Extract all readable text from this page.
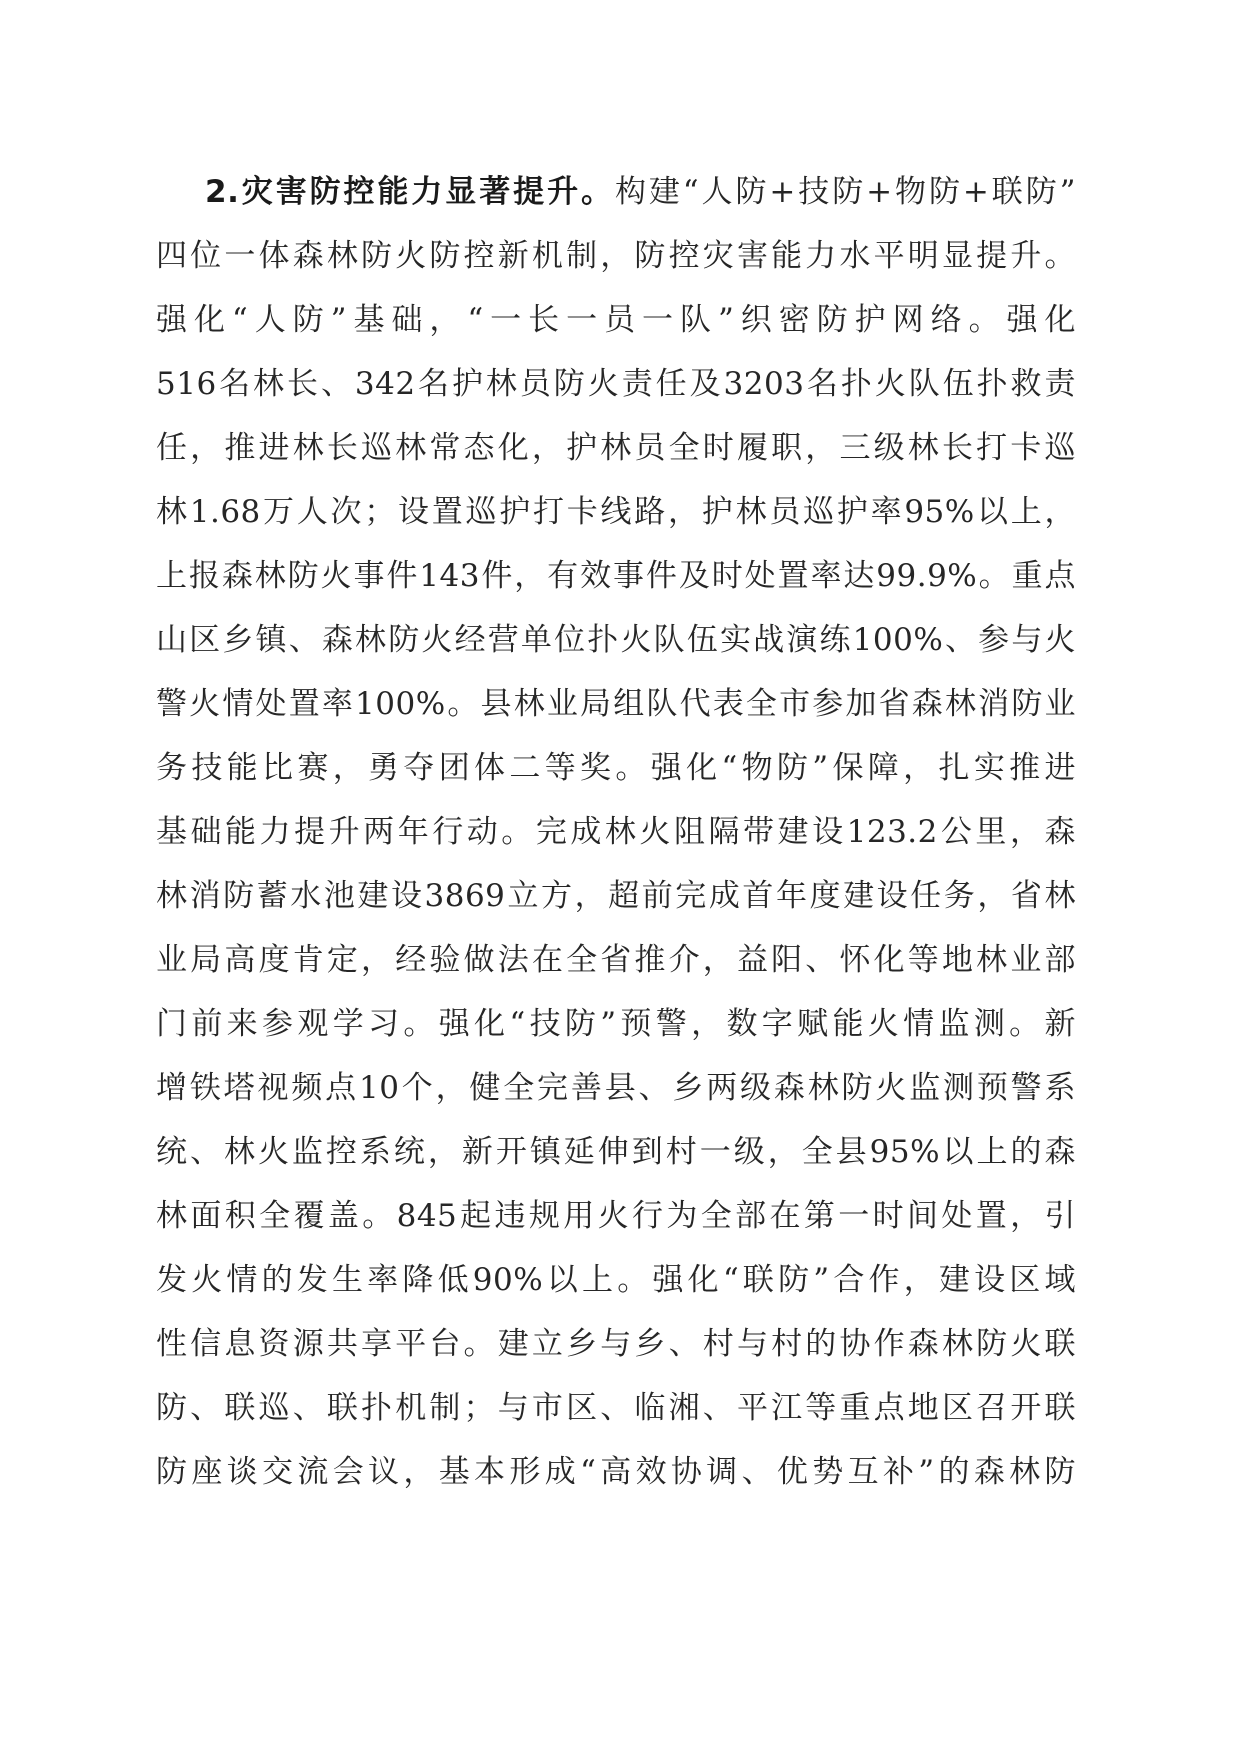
2.灾害防控能力显著提升。构建“人防+技防+物防+联防”
四位一体森林防火防控新机制，防控灾害能力水平明显提升。
强化“人防”基础，“一长一员一队”织密防护网络。强化
516名林长、342名护林员防火责任及3203名扑火队伍扑救责
任，推进林长巡林常态化，护林员全时履职，三级林长打卡巡
林1.68万人次；设置巡护打卡线路，护林员巡护率95%以上，
上报森林防火事件143件，有效事件及时处置率达99.9%。重点
山区乡镇、森林防火经营单位扑火队伍实战演练100%、参与火
警火情处置率100%。县林业局组队代表全市参加省森林消防业
务技能比赛，勇夺团体二等奖。强化“物防”保障，扎实推进
基础能力提升两年行动。完成林火阻隔带建设123.2公里，森
林消防蓄水池建设3869立方，超前完成首年度建设任务，省林
业局高度肯定，经验做法在全省推介，益阳、怀化等地林业部
门前来参观学习。强化“技防”预警，数字赋能火情监测。新
增铁塔视频点10个，健全完善县、乡两级森林防火监测预警系
统、林火监控系统，新开镇延伸到村一级，全县95%以上的森
林面积全覆盖。845起违规用火行为全部在第一时间处置，引
发火情的发生率降低90%以上。强化“联防”合作，建设区域
性信息资源共享平台。建立乡与乡、村与村的协作森林防火联
防、联巡、联扑机制；与市区、临湘、平江等重点地区召开联
防座谈交流会议，基本形成“高效协调、优势互补”的森林防
